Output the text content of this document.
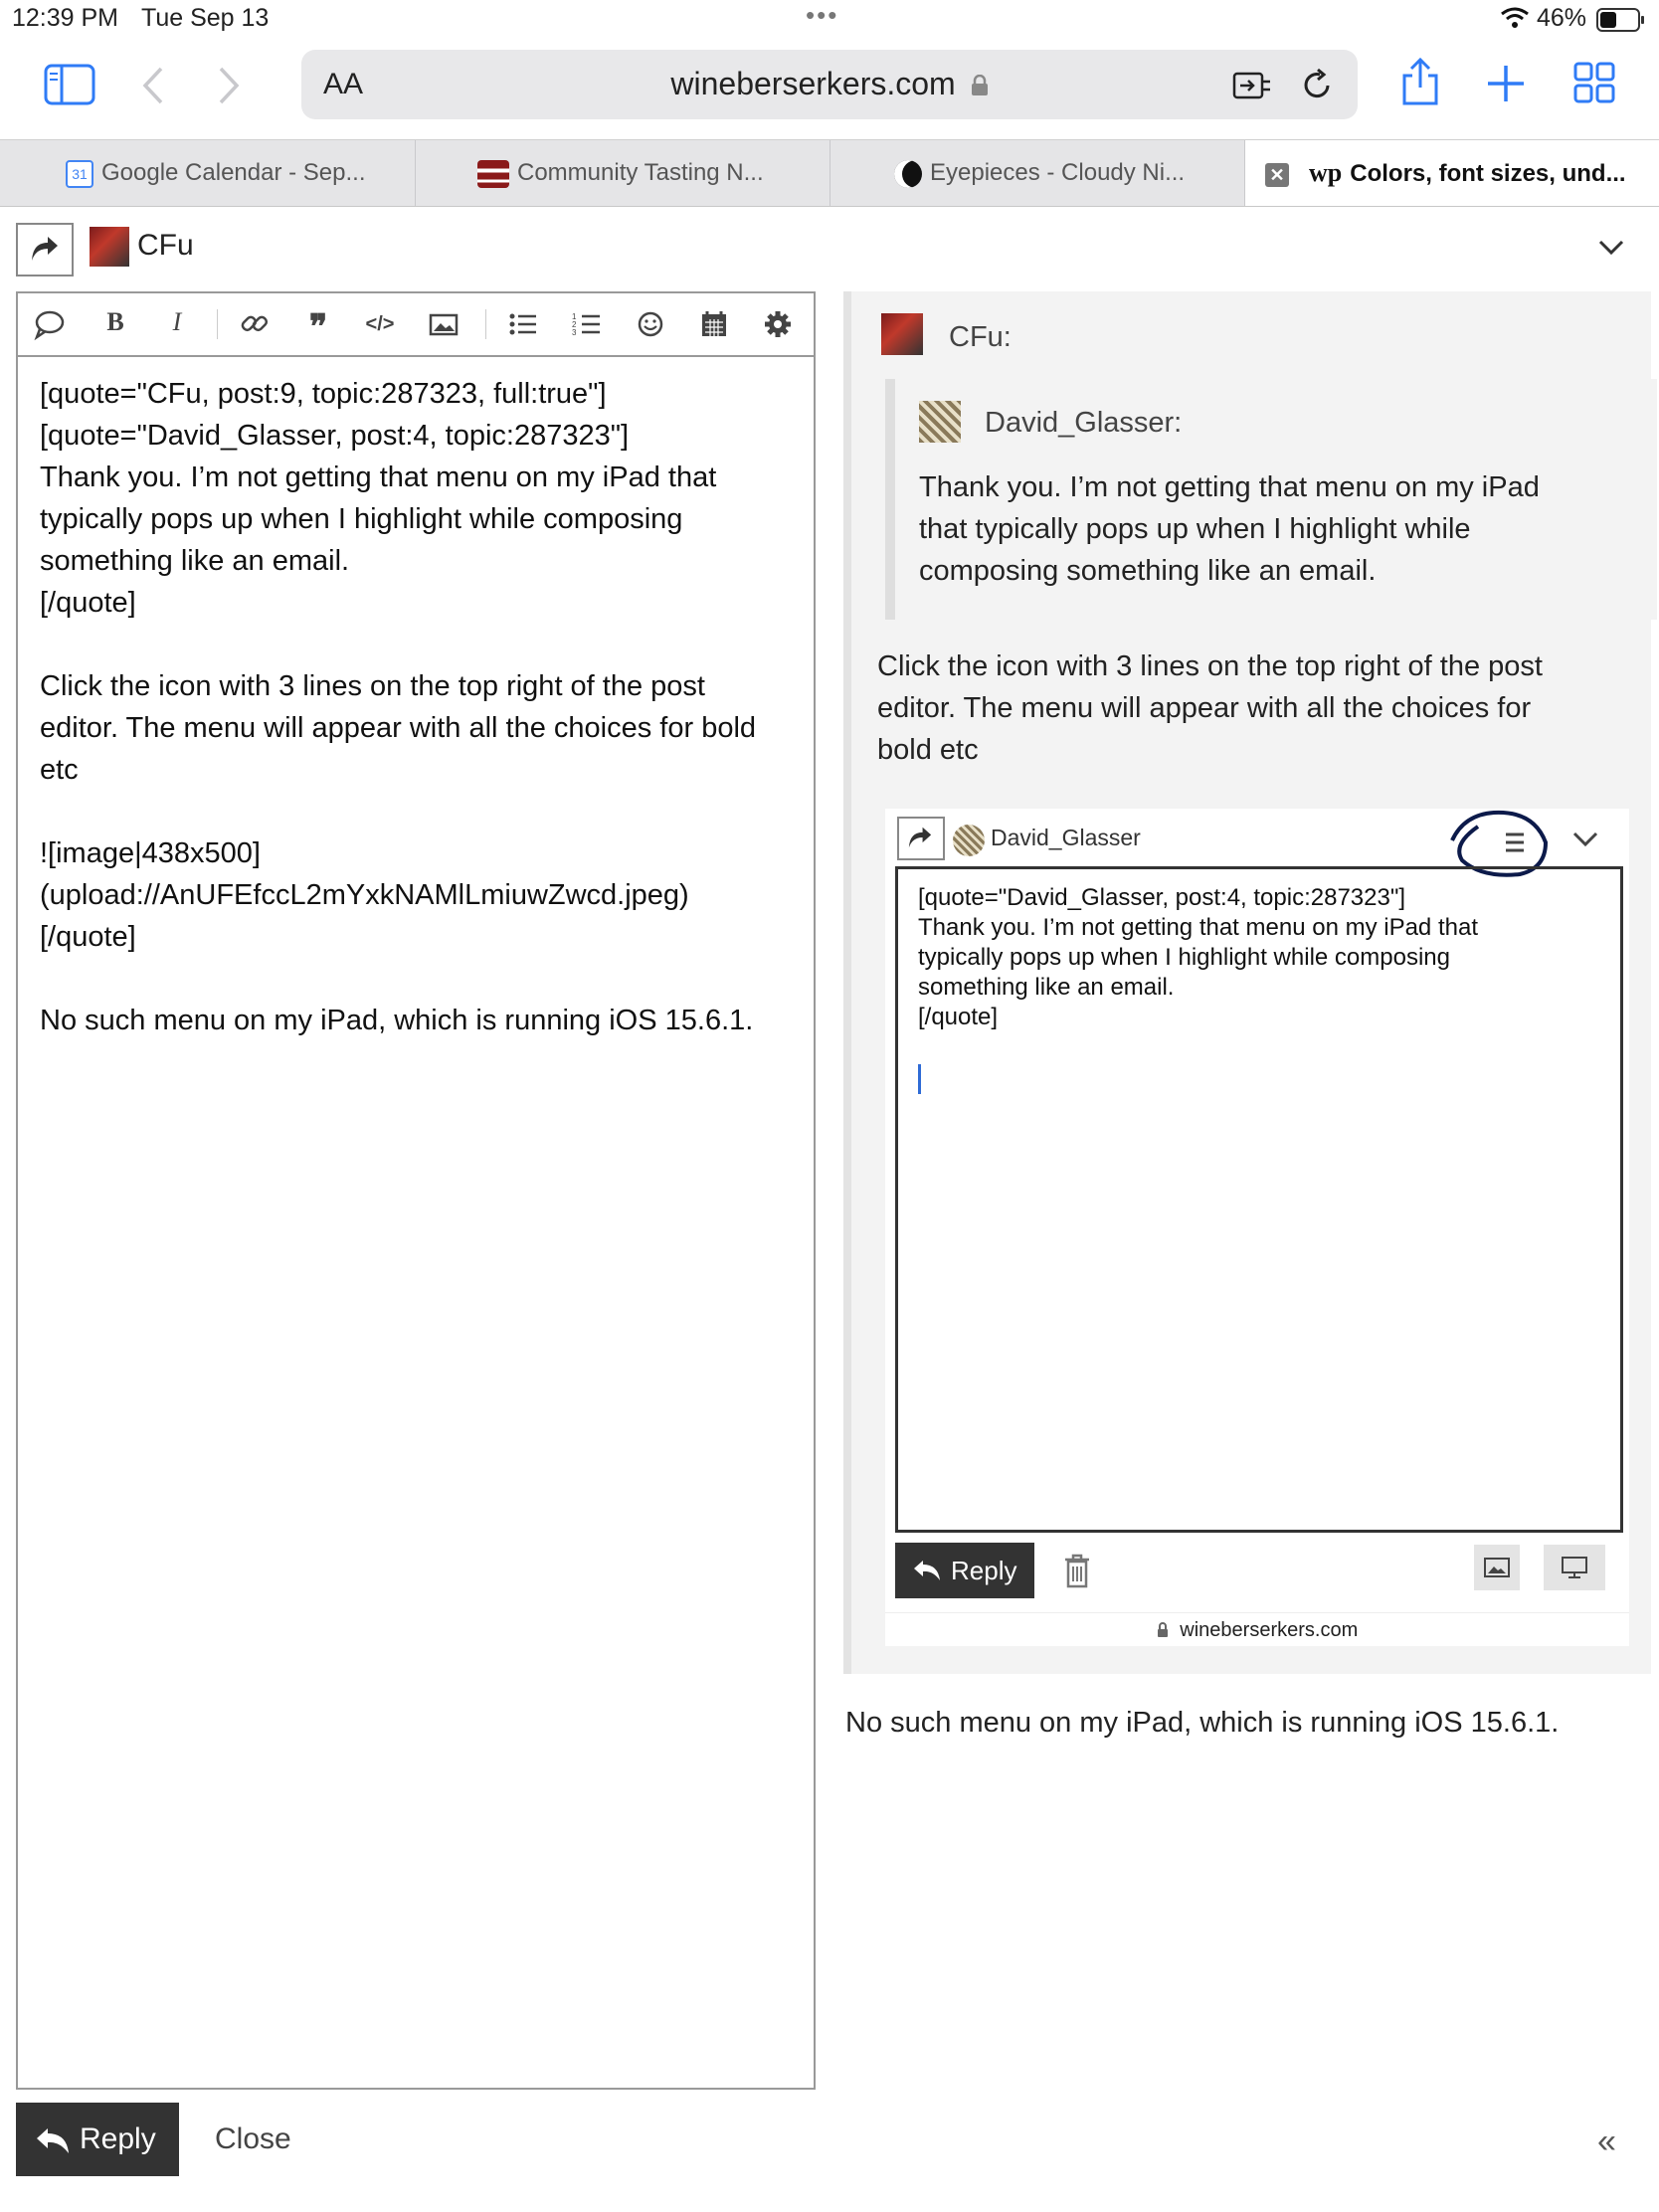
12:39 PM Tue Sep 13	•••	46%
AA	wineberserkers.com
31 Google Calendar - Sep...	Community Tasting N...	Eyepieces - Cloudy Ni...	✕ wp Colors, font sizes, und...
CFu
B	I	❞	</>	1
2
3
[quote="CFu, post:9, topic:287323, full:true"]
[quote="David_Glasser, post:4, topic:287323"]
Thank you. I’m not getting that menu on my iPad that
typically pops up when I highlight while composing
something like an email.
[/quote]

Click the icon with 3 lines on the top right of the post
editor. The menu will appear with all the choices for bold
etc

![image|438x500]
(upload://AnUFEfccL2mYxkNAMlLmiuwZwcd.jpeg)
[/quote]

No such menu on my iPad, which is running iOS 15.6.1.
CFu:
David_Glasser:
Thank you. I’m not getting that menu on my iPad
that typically pops up when I highlight while
composing something like an email.
Click the icon with 3 lines on the top right of the post
editor. The menu will appear with all the choices for
bold etc
David_Glasser
[quote="David_Glasser, post:4, topic:287323"]
Thank you. I’m not getting that menu on my iPad that
typically pops up when I highlight while composing
something like an email.
[/quote]
Reply
wineberserkers.com
No such menu on my iPad, which is running iOS 15.6.1.
Reply Close	«
